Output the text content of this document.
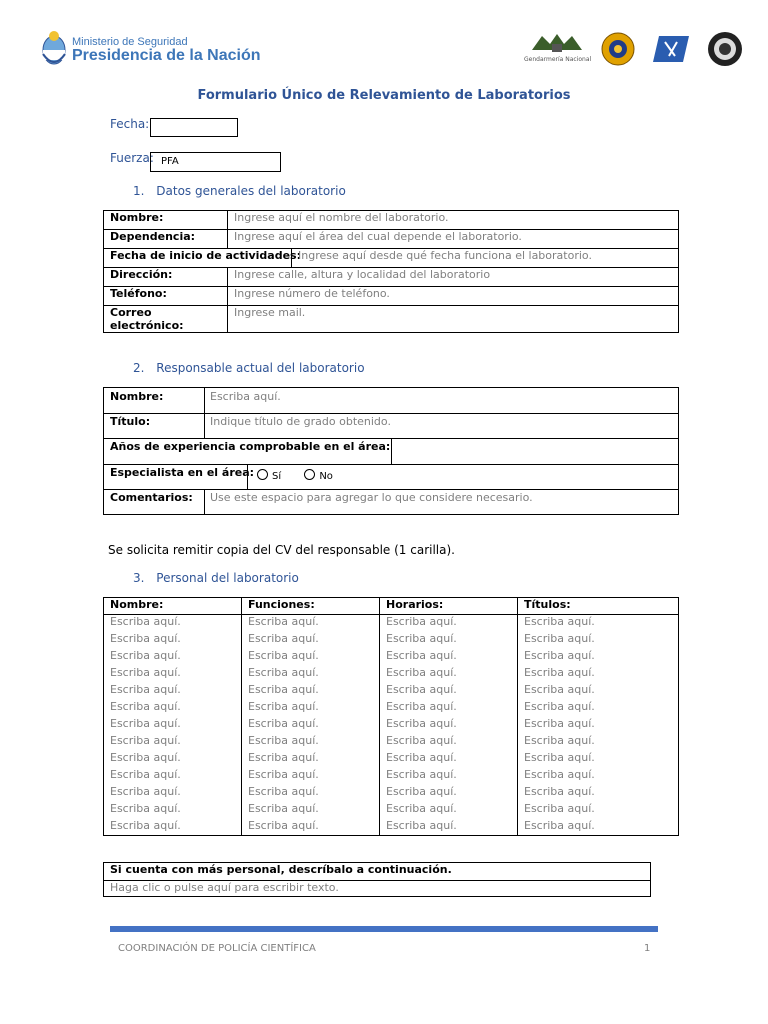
Ministerio de Seguridad
Presidencia de la Nación	Gendarmería Nacional
Formulario Único de Relevamiento de Laboratorios
Fecha:
Fuerza: PFA
1. Datos generales del laboratorio
Nombre:	Ingrese aquí el nombre del laboratorio.
Dependencia:	Ingrese aquí el área del cual depende el laboratorio.

Fecha de inicio de actividades:
Ingrese aquí desde qué fecha funciona el laboratorio.	

Dirección:	Ingrese calle, altura y localidad del laboratorio
Teléfono:	Ingrese número de teléfono.
Correo electrónico:	Ingrese mail.
2. Responsable actual del laboratorio
Nombre:	Escriba aquí.
Título:	Indique título de grado obtenido.
Años de experiencia comprobable en el área:
Especialista en el área:	Sí	No
Comentarios: Use este espacio para agregar lo que considere necesario.
Se solicita remitir copia del CV del responsable (1 carilla).
3. Personal del laboratorio
Nombre:	Funciones:	Horarios:	Títulos:
Escriba aquí.	Escriba aquí.	Escriba aquí.	Escriba aquí.
Escriba aquí.	Escriba aquí.	Escriba aquí.	Escriba aquí.
Escriba aquí.	Escriba aquí.	Escriba aquí.	Escriba aquí.
Escriba aquí.	Escriba aquí.	Escriba aquí.	Escriba aquí.
Escriba aquí.	Escriba aquí.	Escriba aquí.	Escriba aquí.
Escriba aquí.	Escriba aquí.	Escriba aquí.	Escriba aquí.
Escriba aquí.	Escriba aquí.	Escriba aquí.	Escriba aquí.
Escriba aquí.	Escriba aquí.	Escriba aquí.	Escriba aquí.
Escriba aquí.	Escriba aquí.	Escriba aquí.	Escriba aquí.
Escriba aquí.	Escriba aquí.	Escriba aquí.	Escriba aquí.
Escriba aquí.	Escriba aquí.	Escriba aquí.	Escriba aquí.
Escriba aquí.	Escriba aquí.	Escriba aquí.	Escriba aquí.
Escriba aquí.	Escriba aquí.	Escriba aquí.	Escriba aquí.
Si cuenta con más personal, descríbalo a continuación.
Haga clic o pulse aquí para escribir texto.
COORDINACIÓN DE POLICÍA CIENTÍFICA	1
